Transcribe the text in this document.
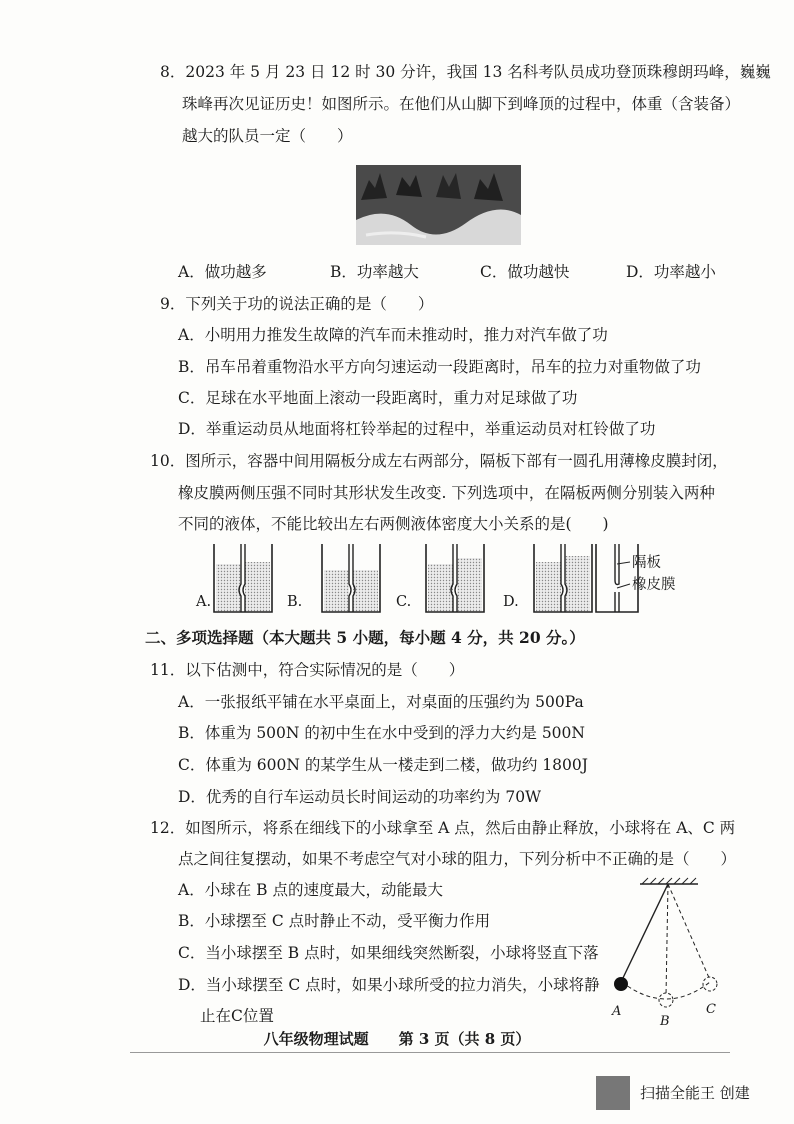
8．2023 年 5 月 23 日 12 时 30 分许，我国 13 名科考队员成功登顶珠穆朗玛峰，巍巍
珠峰再次见证历史！如图所示。在他们从山脚下到峰顶的过程中，体重（含装备）
越大的队员一定（　　）
A．做功越多	B．功率越大	C．做功越快	D．功率越小
9．下列关于功的说法正确的是（　　）
A．小明用力推发生故障的汽车而未推动时，推力对汽车做了功
B．吊车吊着重物沿水平方向匀速运动一段距离时，吊车的拉力对重物做了功
C．足球在水平地面上滚动一段距离时，重力对足球做了功
D．举重运动员从地面将杠铃举起的过程中，举重运动员对杠铃做了功
10．图所示，容器中间用隔板分成左右两部分，隔板下部有一圆孔用薄橡皮膜封闭，
橡皮膜两侧压强不同时其形状发生改变. 下列选项中，在隔板两侧分别装入两种
不同的液体，不能比较出左右两侧液体密度大小关系的是(　　)
A.	B.	C.	D.
隔板
橡皮膜
二、多项选择题（本大题共 5 小题，每小题 4 分，共 20 分。）
11．以下估测中，符合实际情况的是（　　）
A．一张报纸平铺在水平桌面上，对桌面的压强约为 500Pa
B．体重为 500N 的初中生在水中受到的浮力大约是 500N
C．体重为 600N 的某学生从一楼走到二楼，做功约 1800J
D．优秀的自行车运动员长时间运动的功率约为 70W
12．如图所示，将系在细线下的小球拿至 A 点，然后由静止释放，小球将在 A、C 两
点之间往复摆动，如果不考虑空气对小球的阻力，下列分析中不正确的是（　　）
A．小球在 B 点的速度最大，动能最大
B．小球摆至 C 点时静止不动，受平衡力作用
C．当小球摆至 B 点时，如果细线突然断裂，小球将竖直下落
D．当小球摆至 C 点时，如果小球所受的拉力消失，小球将静
止在C位置	A
B
C
八年级物理试题　　第 3 页（共 8 页）
扫描全能王 创建
